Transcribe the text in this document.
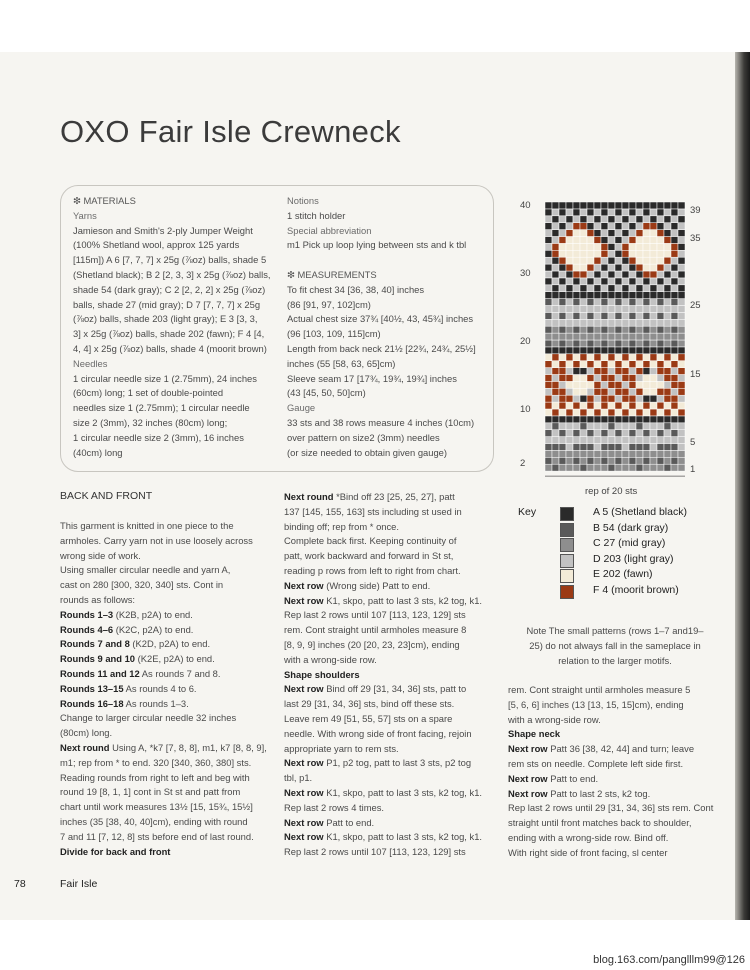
OXO Fair Isle Crewneck
❇ MATERIALS
Yarns
Jamieson and Smith's 2-ply Jumper Weight
(100% Shetland wool, approx 125 yards
[115m]) A 6 [7, 7, 7] x 25g (⅞oz) balls, shade 5
(Shetland black); B 2 [2, 3, 3] x 25g (⅞oz) balls,
shade 54 (dark gray); C 2 [2, 2, 2] x 25g (⅞oz)
balls, shade 27 (mid gray); D 7 [7, 7, 7] x 25g
(⅞oz) balls, shade 203 (light gray); E 3 [3, 3,
3] x 25g (⅞oz) balls, shade 202 (fawn); F 4 [4,
4, 4] x 25g (⅞oz) balls, shade 4 (moorit brown)
Needles
1 circular needle size 1 (2.75mm), 24 inches
(60cm) long; 1 set of double-pointed
needles size 1 (2.75mm); 1 circular needle
size 2 (3mm), 32 inches (80cm) long;
1 circular needle size 2 (3mm), 16 inches
(40cm) long
Notions
1 stitch holder
Special abbreviation
m1 Pick up loop lying between sts and k tbl

❇ MEASUREMENTS
To fit chest 34 [36, 38, 40] inches
(86 [91, 97, 102]cm)
Actual chest size 37¾ [40½, 43, 45¾] inches
(96 [103, 109, 115]cm)
Length from back neck 21½ [22¾, 24¾, 25½]
inches (55 [58, 63, 65]cm)
Sleeve seam 17 [17¾, 19¾, 19¾] inches
(43 [45, 50, 50]cm)
Gauge
33 sts and 38 rows measure 4 inches (10cm)
over pattern on size2 (3mm) needles
(or size needed to obtain given gauge)
BACK AND FRONT
This garment is knitted in one piece to the
armholes. Carry yarn not in use loosely across
wrong side of work.
Using smaller circular needle and yarn A,
cast on 280 [300, 320, 340] sts. Cont in
rounds as follows:
Rounds 1–3 (K2B, p2A) to end.
Rounds 4–6 (K2C, p2A) to end.
Rounds 7 and 8 (K2D, p2A) to end.
Rounds 9 and 10 (K2E, p2A) to end.
Rounds 11 and 12 As rounds 7 and 8.
Rounds 13–15 As rounds 4 to 6.
Rounds 16–18 As rounds 1–3.
Change to larger circular needle 32 inches
(80cm) long.
Next round Using A, *k7 [7, 8, 8], m1, k7 [8, 8, 9],
m1; rep from * to end. 320 [340, 360, 380] sts.
Reading rounds from right to left and beg with
round 19 [8, 1, 1] cont in St st and patt from
chart until work measures 13½ [15, 15¾, 15½]
inches (35 [38, 40, 40]cm), ending with round
7 and 11 [7, 12, 8] sts before end of last round.
Divide for back and front
Next round *Bind off 23 [25, 25, 27], patt
137 [145, 155, 163] sts including st used in
binding off; rep from * once.
Complete back first. Keeping continuity of
patt, work backward and forward in St st,
reading p rows from left to right from chart.
Next row (Wrong side) Patt to end.
Next row K1, skpo, patt to last 3 sts, k2 tog, k1.
Rep last 2 rows until 107 [113, 123, 129] sts
rem. Cont straight until armholes measure 8
[8, 9, 9] inches (20 [20, 23, 23]cm), ending
with a wrong-side row.
Shape shoulders
Next row Bind off 29 [31, 34, 36] sts, patt to
last 29 [31, 34, 36] sts, bind off these sts.
Leave rem 49 [51, 55, 57] sts on a spare
needle. With wrong side of front facing, rejoin
appropriate yarn to rem sts.
Next row P1, p2 tog, patt to last 3 sts, p2 tog
tbl, p1.
Next row K1, skpo, patt to last 3 sts, k2 tog, k1.
Rep last 2 rows 4 times.
Next row Patt to end.
Next row K1, skpo, patt to last 3 sts, k2 tog, k1.
Rep last 2 rows until 107 [113, 123, 129] sts
rem. Cont straight until armholes measure 5
[5, 6, 6] inches (13 [13, 15, 15]cm), ending
with a wrong-side row.
Shape neck
Next row Patt 36 [38, 42, 44] and turn; leave
rem sts on needle. Complete left side first.
Next row Patt to end.
Next row Patt to last 2 sts, k2 tog.
Rep last 2 rows until 29 [31, 34, 36] sts rem. Cont
straight until front matches back to shoulder,
ending with a wrong-side row. Bind off.
With right side of front facing, sl center
40
30
20
10
2
39
35
25
15
5
1
rep of 20 sts
Key	A 5 (Shetland black)
B 54 (dark gray)
C 27 (mid gray)
D 203 (light gray)
E 202 (fawn)
F 4 (moorit brown)
Note The small patterns (rows 1–7 and19–25) do not always fall in the sameplace in relation to the larger motifs.
78	Fair Isle
blog.163.com/panglllm99@126
